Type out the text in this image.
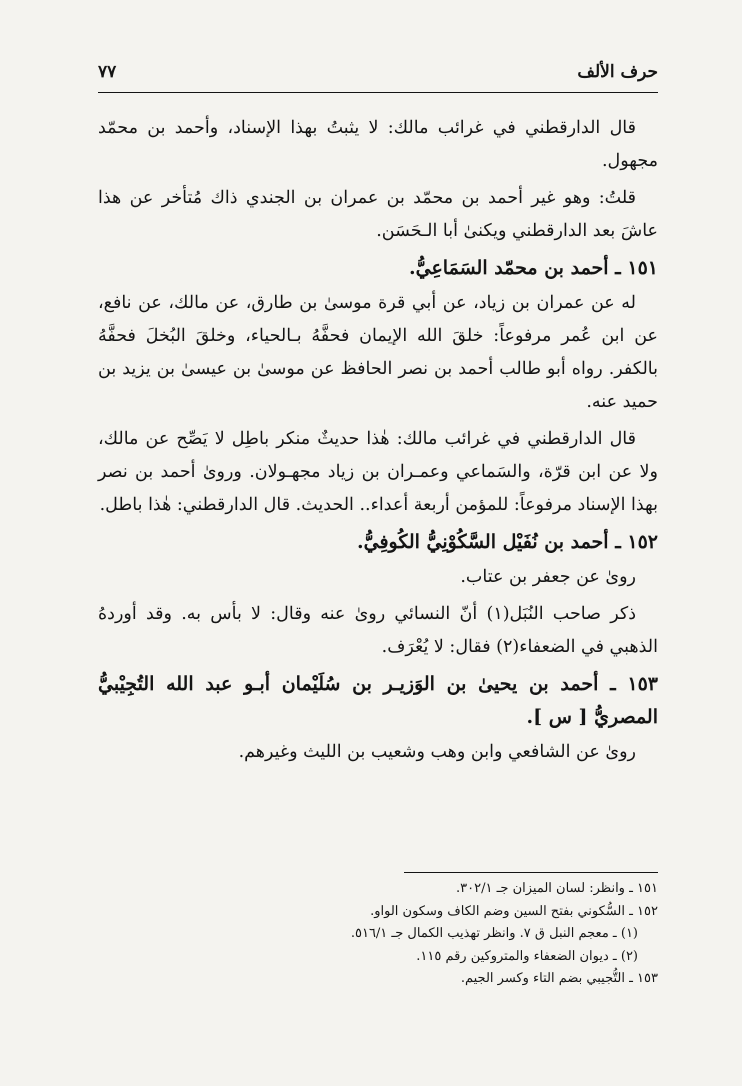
حرف الألف
٧٧

قال الدارقطني في غرائب مالك: لا يثبتُ بهذا الإسناد، وأحمد بن محمّد مجهول.

قلتُ: وهو غير أحمد بن محمّد بن عمران بن الجندي ذاك مُتأخر عن هذا عاشَ بعد الدارقطني ويكنىٰ أبا الـحَسَن.

١٥١ ـ أحمد بن محمّد السَمَاعِيُّ.

له عن عمران بن زياد، عن أبي قرة موسىٰ بن طارق، عن مالك، عن نافع، عن ابن عُمر مرفوعاً: خلقَ الله الإيمان فحفَّهُ بـالحياء، وخلقَ البُخلَ فحفَّهُ بالكفر. رواه أبو طالب أحمد بن نصر الحافظ عن موسىٰ بن عيسىٰ بن يزيد بن حميد عنه.

قال الدارقطني في غرائب مالك: هٰذا حديثٌ منكر باطِل لا يَصِّح عن مالك، ولا عن ابن قرّة، والسَماعي وعمـران بن زياد مجهـولان. وروىٰ أحمد بن نصر بهذا الإسناد مرفوعاً: للمؤمن أربعة أعداء.. الحديث. قال الدارقطني: هٰذا باطل.

١٥٢ ـ أحمد بن نُفَيْل السَّكُوْنِيُّ الكُوفِيُّ.

روىٰ عن جعفر بن عتاب.

ذكر صاحب النُبَل(١) أنّ النسائي روىٰ عنه وقال: لا بأس به. وقد أوردهُ الذهبي في الضعفاء(٢) فقال: لا يُعْرَف.

١٥٣ ـ أحمد بن يحيىٰ بن الوَزيـر بن سُلَيْمان أبـو عبد الله التُجِيْبيُّ المصريُّ [ س ].

روىٰ عن الشافعي وابن وهب وشعيب بن الليث وغيرهم.

١٥١ ـ وانظر: لسان الميزان جـ ٣٠٢/١.

١٥٢ ـ السُّكوني بفتح السين وضم الكاف وسكون الواو.

(١) ـ معجم النبل ق ٧. وانظر تهذيب الكمال جـ ٥١٦/١.

(٢) ـ ديوان الضعفاء والمتروكين رقم ١١٥.

١٥٣ ـ التُّجيبي بضم التاء وكسر الجيم.
